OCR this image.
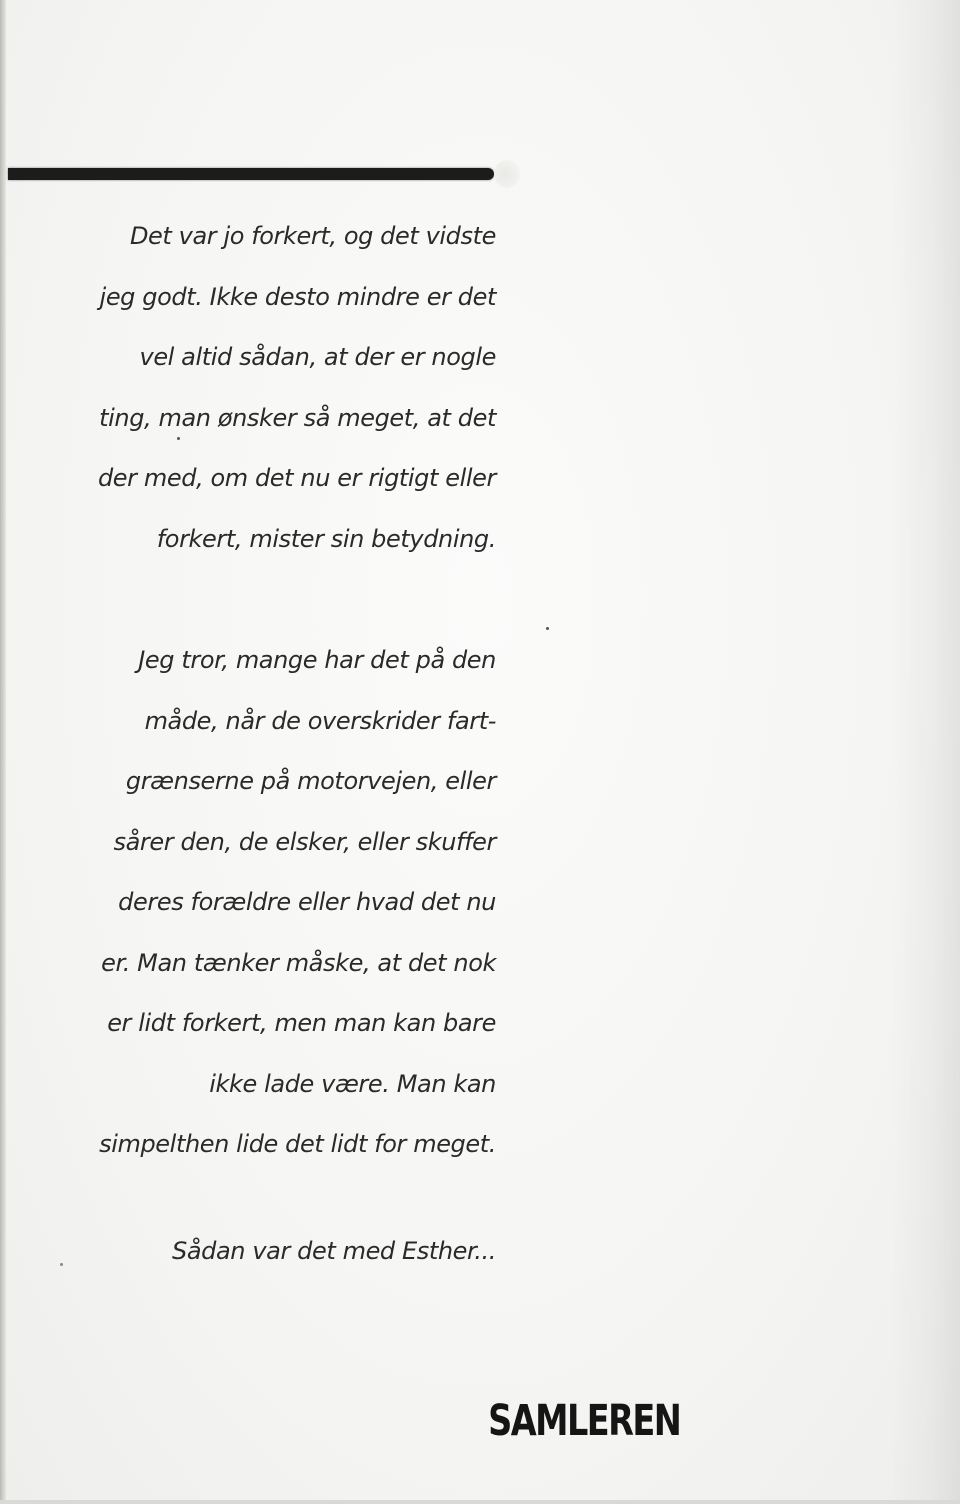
Det var jo forkert, og det vidste
jeg godt. Ikke desto mindre er det
vel altid sådan, at der er nogle
ting, man ønsker så meget, at det
der med, om det nu er rigtigt eller
forkert, mister sin betydning.
Jeg tror, mange har det på den
måde, når de overskrider fart-
grænserne på motorvejen, eller
sårer den, de elsker, eller skuffer
deres forældre eller hvad det nu
er. Man tænker måske, at det nok
er lidt forkert, men man kan bare
ikke lade være. Man kan
simpelthen lide det lidt for meget.
Sådan var det med Esther...
SAMLEREN
